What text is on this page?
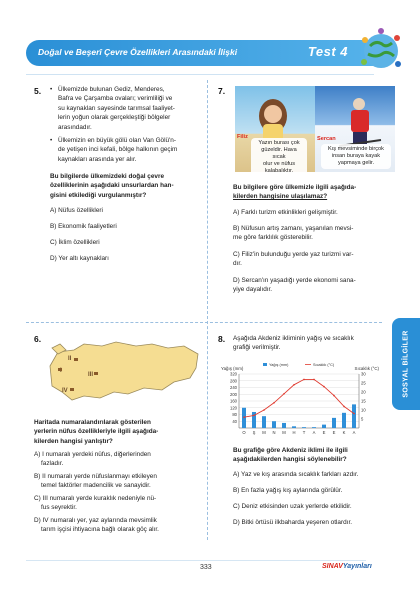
Doğal ve Beşerî Çevre Özellikleri Arasındaki İlişki	Test 4
5. • Ülkemizde bulunan Gediz, Menderes,
Bafra ve Çarşamba ovaları; verimliliği ve
su kaynakları sayesinde tarımsal faaliyet-
lerin yoğun olarak gerçekleştiği bölgeler
arasındadır.
• Ülkemizin en büyük gölü olan Van Gölü'n-
de yetişen inci kefali, bölge halkının geçim
kaynakları arasında yer alır.
Bu bilgilerde ülkemizdeki doğal çevre
özelliklerinin aşağıdaki unsurlardan han-
gisini etkilediği vurgulanmıştır?
A) Nüfus özellikleri
B) Ekonomik faaliyetleri
C) İklim özellikleri
D) Yer altı kaynakları
7.
Yazın burası çok
güzeldir. Hava sıcak
olur ve nüfus
kalabalıktır.
Filiz
Kış mevsiminde birçok
insan buraya kayak
yapmaya gelir.
Sercan
Bu bilgilere göre ülkemizle ilgili aşağıda-
kilerden hangisine ulaşılamaz?
A) Farklı turizm etkinlikleri gelişmiştir.
B) Nüfusun artış zamanı, yaşanılan mevsi-
me göre farklılık gösterebilir.
C) Filiz'in bulunduğu yerde yaz turizmi var-
dır.
D) Sercan'ın yaşadığı yerde ekonomi sana-
yiye dayalıdır.
6.
II
III
IV
Haritada numaralandırılarak gösterilen
yerlerin nüfus özellikleriyle ilgili aşağıda-
kilerden hangisi yanlıştır?
A) I numaralı yerdeki nüfus, diğerlerinden
fazladır.
B) II numaralı yerde nüfuslanmayı etkileyen
temel faktörler madencilik ve sanayidir.
C) III numaralı yerde kuraklık nedeniyle nü-
fus seyrektir.
D) IV numaralı yer, yaz aylarında mevsimlik
tarım işçisi ihtiyacına bağlı olarak göç alır.
8. Aşağıda Akdeniz ikliminin yağış ve sıcaklık
grafiği verilmiştir.
40
80
120
160
200
240
280
320
5
10
15
20
25
30
O Ş M N M H T A E E K A
Yağış (mm)	Sıcaklık (°C)
Yağış (mm)	Sıcaklık (°C)
Bu grafiğe göre Akdeniz iklimi ile ilgili
aşağıdakilerden hangisi söylenebilir?
A) Yaz ve kış arasında sıcaklık farkları azdır.
B) En fazla yağış kış aylarında görülür.
C) Deniz etkisinden uzak yerlerde etkilidir.
D) Bitki örtüsü ilkbaharda yeşeren otlardır.
SOSYAL BİLGİLER
333	SINAVYayınları
